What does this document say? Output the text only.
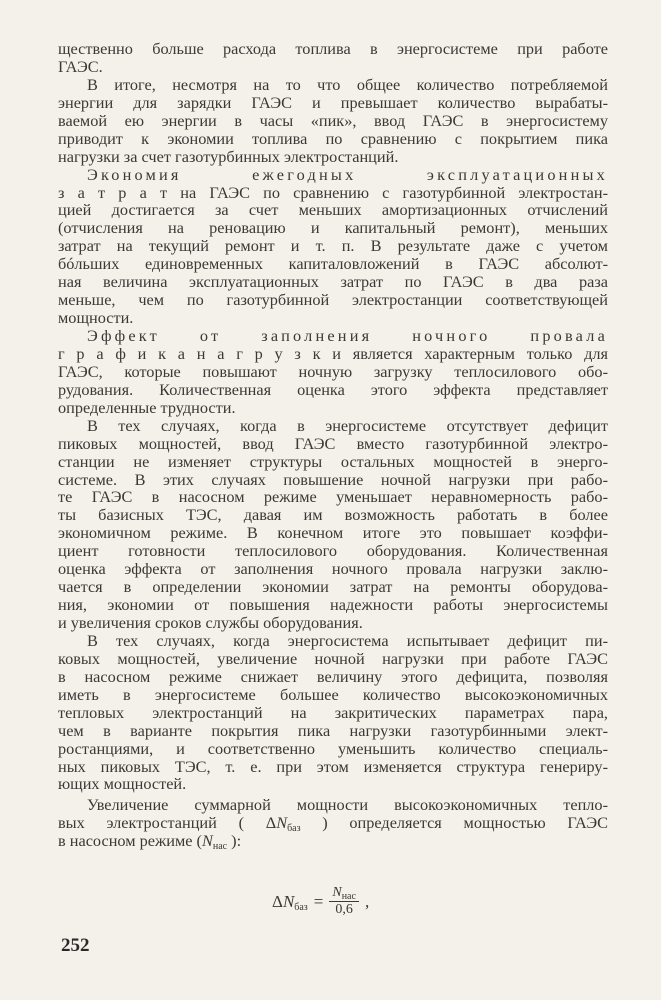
щественно больше расхода топлива в энергосистеме при работе
ГАЭС.
В итоге, несмотря на то что общее количество потребляемой
энергии для зарядки ГАЭС и превышает количество вырабаты-
ваемой ею энергии в часы «пик», ввод ГАЭС в энергосистему
приводит к экономии топлива по сравнению с покрытием пика
нагрузки за счет газотурбинных электростанций.
Экономия ежегодных эксплуатационных
з а т р а т на ГАЭС по сравнению с газотурбинной электростан-
цией достигается за счет меньших амортизационных отчислений
(отчисления на реновацию и капитальный ремонт), меньших
затрат на текущий ремонт и т. п. В результате даже с учетом
бóльших единовременных капиталовложений в ГАЭС абсолют-
ная величина эксплуатационных затрат по ГАЭС в два раза
меньше, чем по газотурбинной электростанции соответствующей
мощности.
Эффект от заполнения ночного провала
г р а ф и к а н а г р у з к и является характерным только для
ГАЭС, которые повышают ночную загрузку теплосилового обо-
рудования. Количественная оценка этого эффекта представляет
определенные трудности.
В тех случаях, когда в энергосистеме отсутствует дефицит
пиковых мощностей, ввод ГАЭС вместо газотурбинной электро-
станции не изменяет структуры остальных мощностей в энерго-
системе. В этих случаях повышение ночной нагрузки при рабо-
те ГАЭС в насосном режиме уменьшает неравномерность рабо-
ты базисных ТЭС, давая им возможность работать в более
экономичном режиме. В конечном итоге это повышает коэффи-
циент готовности теплосилового оборудования. Количественная
оценка эффекта от заполнения ночного провала нагрузки заклю-
чается в определении экономии затрат на ремонты оборудова-
ния, экономии от повышения надежности работы энергосистемы
и увеличения сроков службы оборудования.
В тех случаях, когда энергосистема испытывает дефицит пи-
ковых мощностей, увеличение ночной нагрузки при работе ГАЭС
в насосном режиме снижает величину этого дефицита, позволяя
иметь в энергосистеме большее количество высокоэкономичных
тепловых электростанций на закритических параметрах пара,
чем в варианте покрытия пика нагрузки газотурбинными элект-
ростанциями, и соответственно уменьшить количество специаль-
ных пиковых ТЭС, т. е. при этом изменяется структура генериру-
ющих мощностей.
Увеличение суммарной мощности высокоэкономичных тепло-
вых электростанций ( $\Delta N_{баз}$ ) определяется мощностью ГАЭС
в насосном режиме ($N_{нас}$ ):
$\Delta N_{баз} = \frac{N_{нас}}{0,6}$ ,
252
